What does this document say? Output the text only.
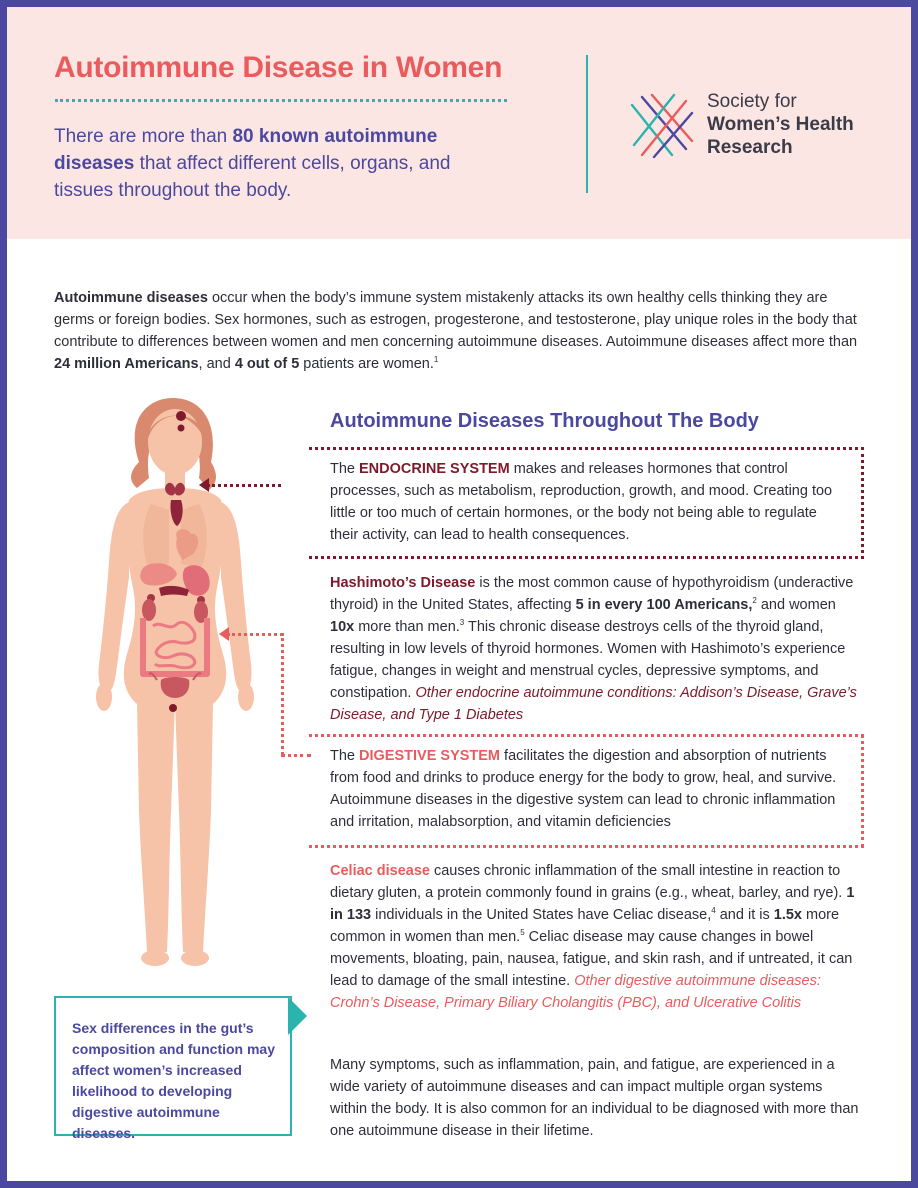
Autoimmune Disease in Women

There are more than 80 known autoimmune diseases that affect different cells, organs, and tissues throughout the body.

Society for
Women’s Health
Research

Autoimmune diseases occur when the body’s immune system mistakenly attacks its own healthy cells thinking they are germs or foreign bodies. Sex hormones, such as estrogen, progesterone, and testosterone, play unique roles in the body that contribute to differences between women and men concerning autoimmune diseases. Autoimmune diseases affect more than 24 million Americans, and 4 out of 5 patients are women.$^1$

Autoimmune Diseases Throughout The Body

The ENDOCRINE SYSTEM makes and releases hormones that control processes, such as metabolism, reproduction, growth, and mood. Creating too little or too much of certain hormones, or the body not being able to regulate their activity, can lead to health consequences.

Hashimoto’s Disease is the most common cause of hypothyroidism (underactive thyroid) in the United States, affecting 5 in every 100 Americans,$^2$ and women 10x more than men.$^3$ This chronic disease destroys cells of the thyroid gland, resulting in low levels of thyroid hormones. Women with Hashimoto’s experience fatigue, changes in weight and menstrual cycles, depressive symptoms, and constipation. Other endocrine autoimmune conditions: Addison’s Disease, Grave’s Disease, and Type 1 Diabetes

The DIGESTIVE SYSTEM facilitates the digestion and absorption of nutrients from food and drinks to produce energy for the body to grow, heal, and survive. Autoimmune diseases in the digestive system can lead to chronic inflammation and irritation, malabsorption, and vitamin deficiencies

Celiac disease causes chronic inflammation of the small intestine in reaction to dietary gluten, a protein commonly found in grains (e.g., wheat, barley, and rye). 1 in 133 individuals in the United States have Celiac disease,$^4$ and it is 1.5x more common in women than men.$^5$ Celiac disease may cause changes in bowel movements, bloating, pain, nausea, fatigue, and skin rash, and if untreated, it can lead to damage of the small intestine. Other digestive autoimmune diseases: Crohn’s Disease, Primary Biliary Cholangitis (PBC), and Ulcerative Colitis

Many symptoms, such as inflammation, pain, and fatigue, are experienced in a wide variety of autoimmune diseases and can impact multiple organ systems within the body. It is also common for an individual to be diagnosed with more than one autoimmune disease in their lifetime.

Sex differences in the gut’s composition and function may affect women’s increased likelihood to developing digestive autoimmune diseases.
